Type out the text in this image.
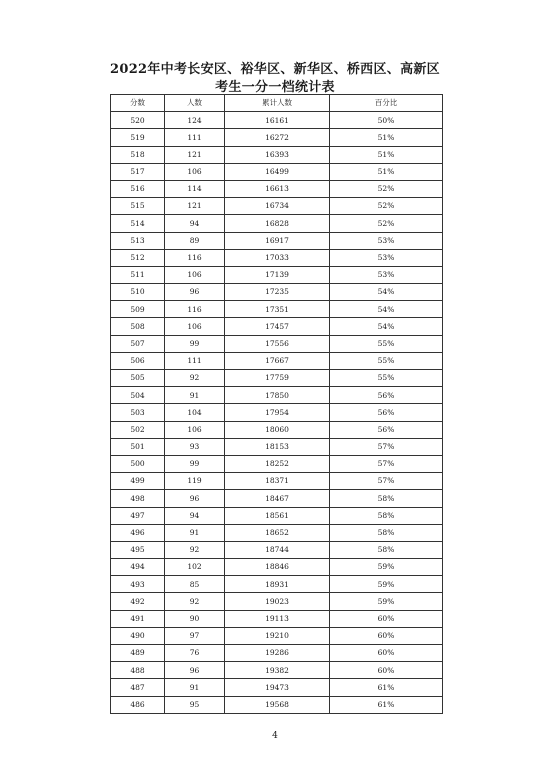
2022年中考长安区、裕华区、新华区、桥西区、高新区
考生一分一档统计表
分数	人数	累计人数	百分比
520	124	16161	50%
519	111	16272	51%
518	121	16393	51%
517	106	16499	51%
516	114	16613	52%
515	121	16734	52%
514	94	16828	52%
513	89	16917	53%
512	116	17033	53%
511	106	17139	53%
510	96	17235	54%
509	116	17351	54%
508	106	17457	54%
507	99	17556	55%
506	111	17667	55%
505	92	17759	55%
504	91	17850	56%
503	104	17954	56%
502	106	18060	56%
501	93	18153	57%
500	99	18252	57%
499	119	18371	57%
498	96	18467	58%
497	94	18561	58%
496	91	18652	58%
495	92	18744	58%
494	102	18846	59%
493	85	18931	59%
492	92	19023	59%
491	90	19113	60%
490	97	19210	60%
489	76	19286	60%
488	96	19382	60%
487	91	19473	61%
486	95	19568	61%
4
